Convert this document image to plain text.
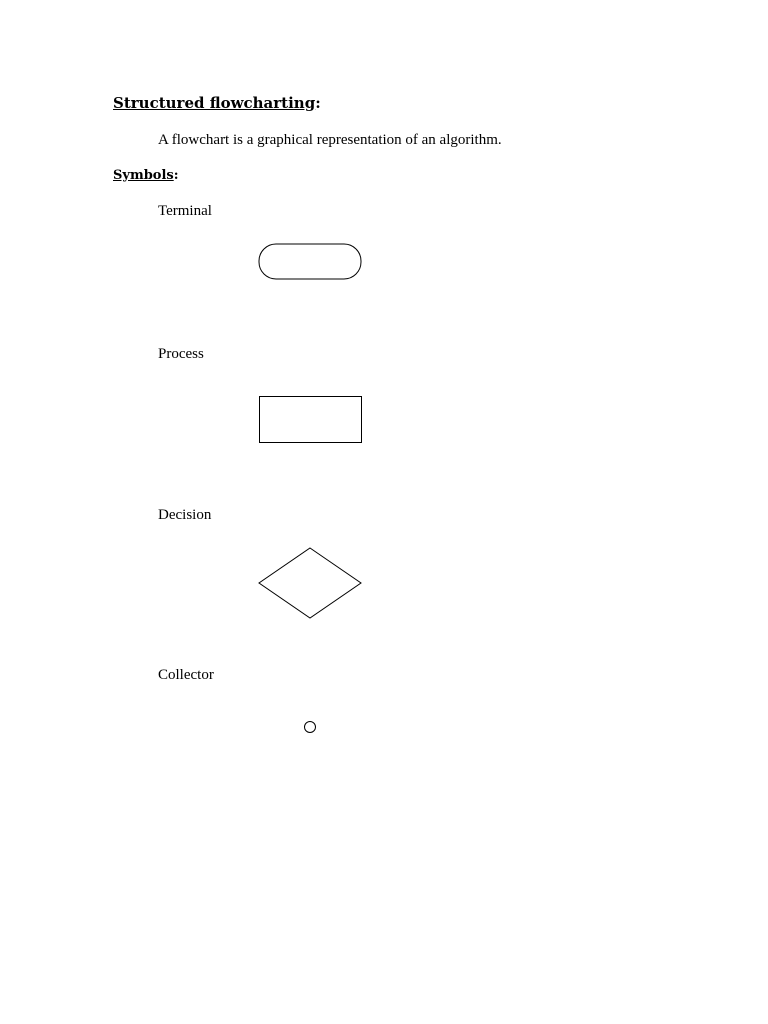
Structured flowcharting:
A flowchart is a graphical representation of an algorithm.
Symbols:
Terminal
Process
Decision
Collector
